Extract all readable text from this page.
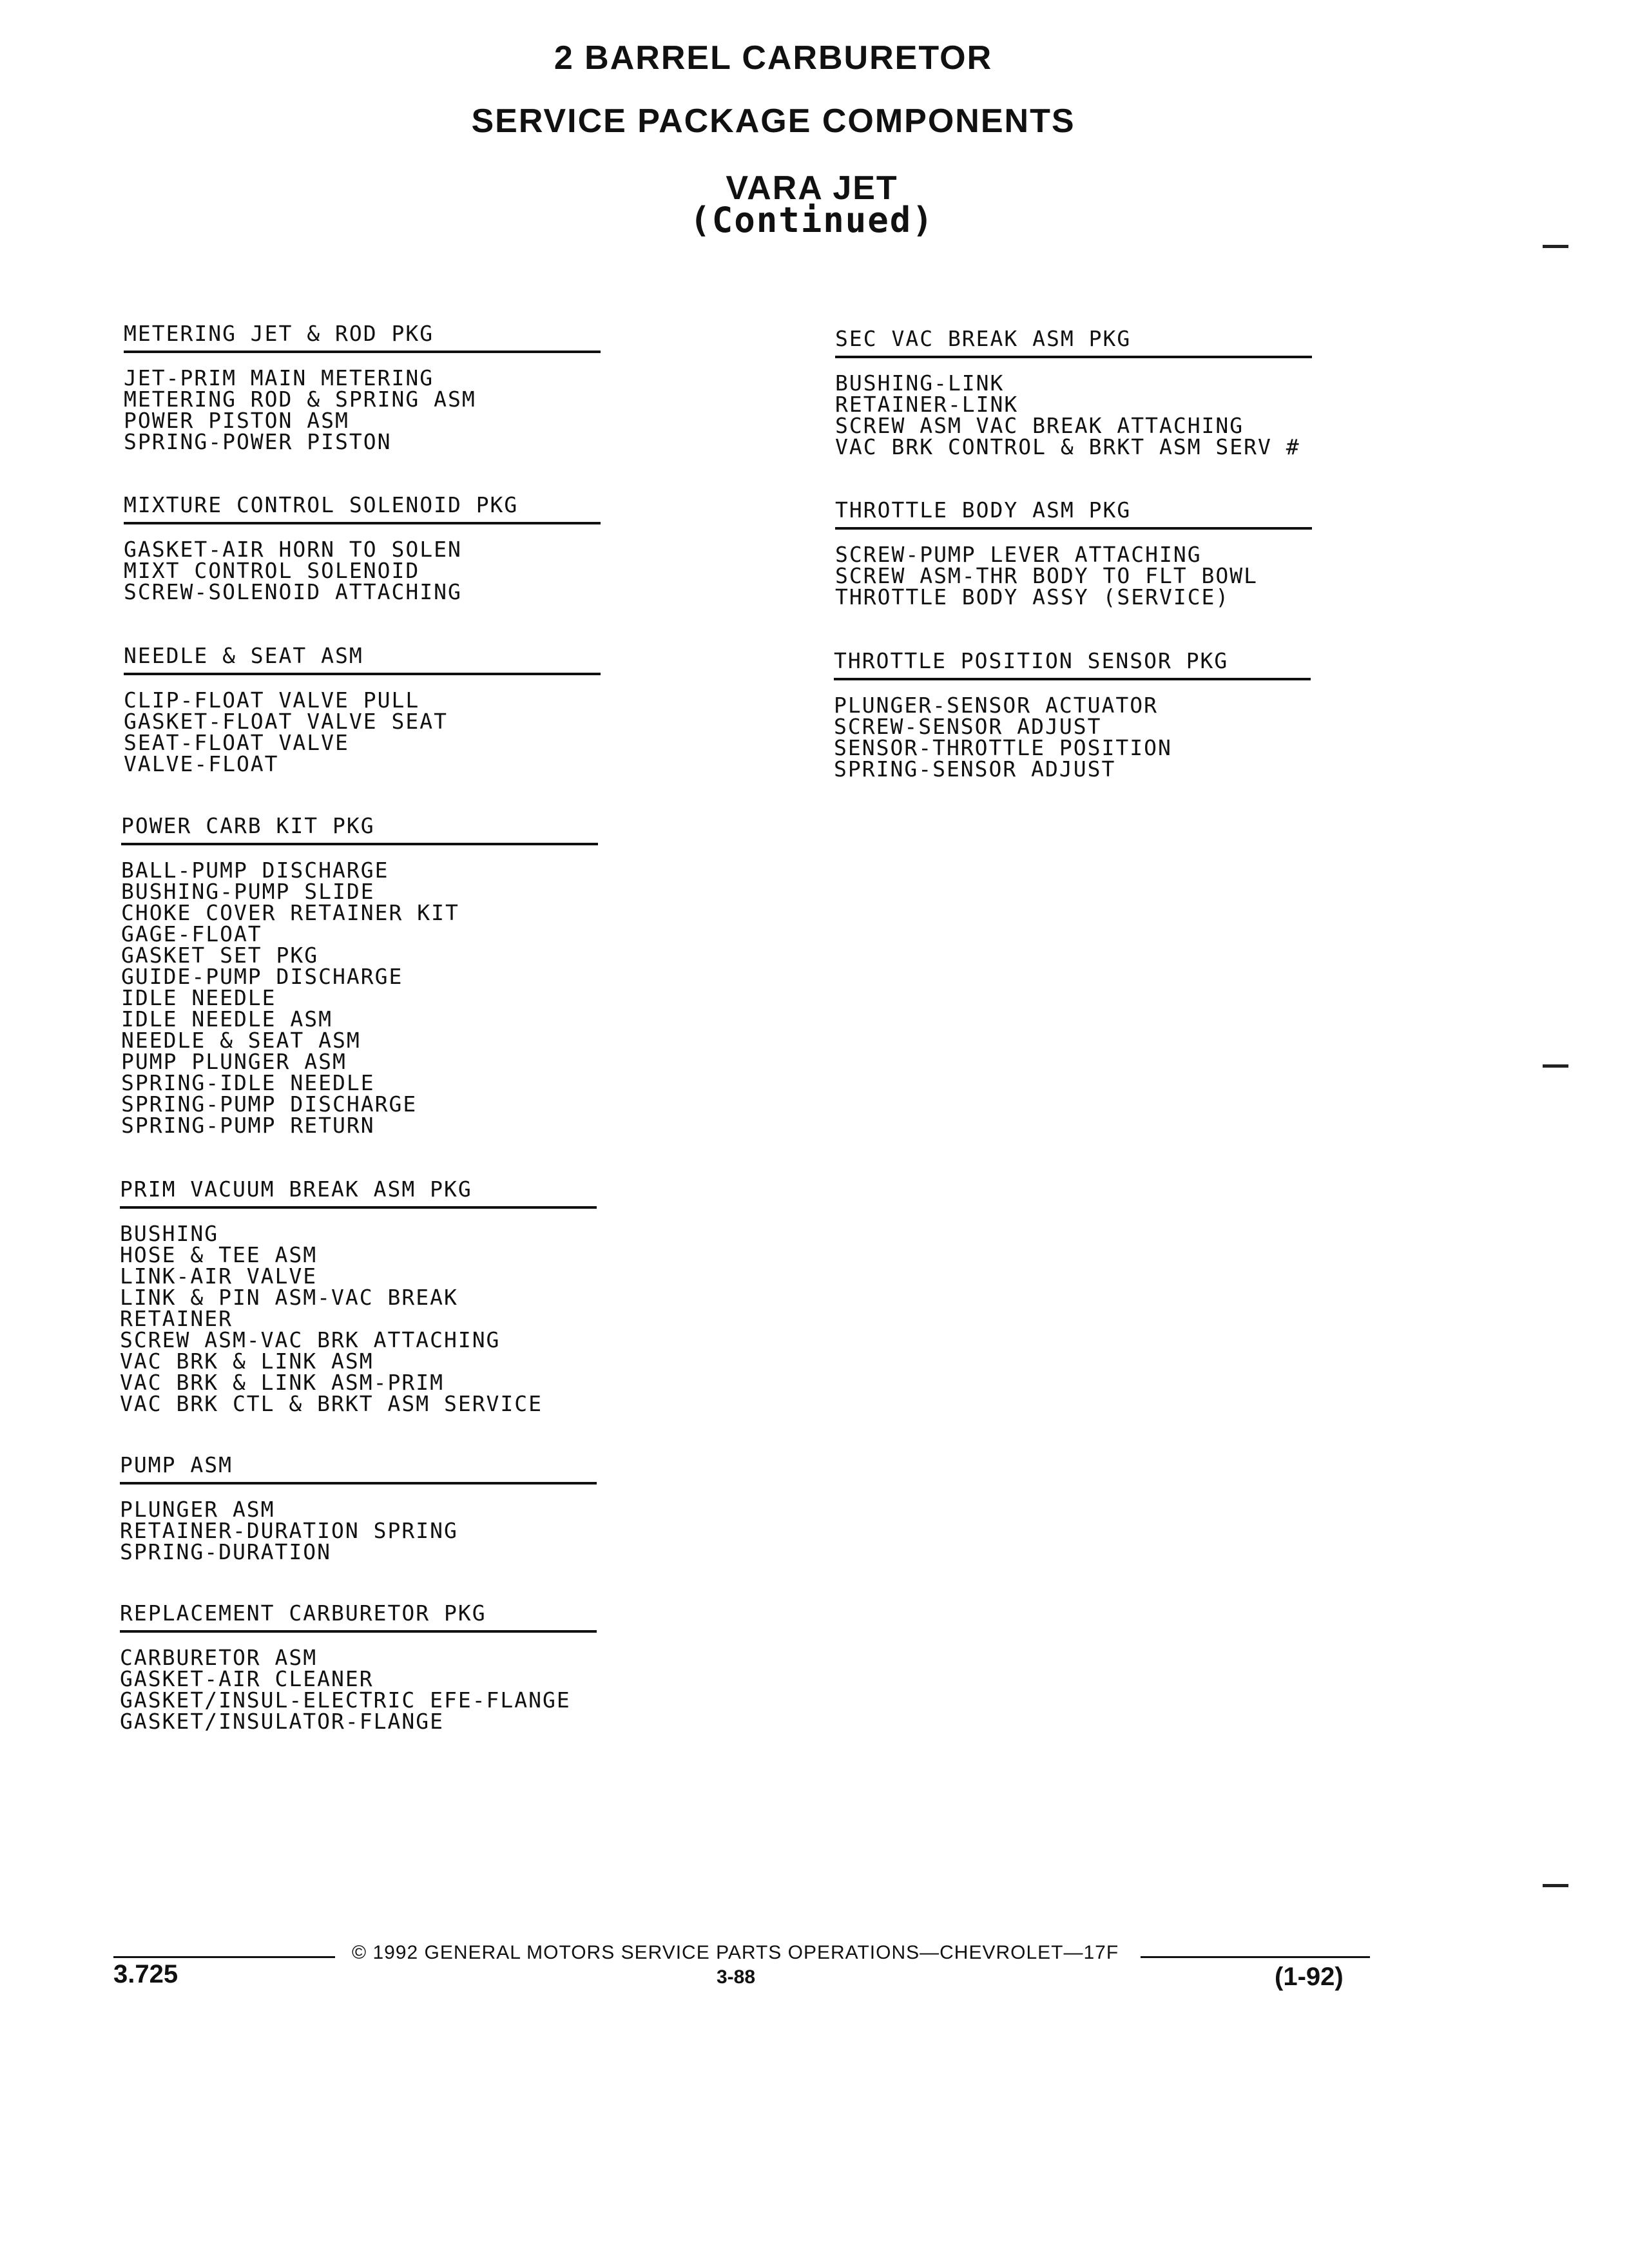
2 BARREL CARBURETOR
SERVICE PACKAGE COMPONENTS
VARA JET
(Continued)
METERING JET & ROD PKG
JET-PRIM MAIN METERING
METERING ROD & SPRING ASM
POWER PISTON ASM
SPRING-POWER PISTON
MIXTURE CONTROL SOLENOID PKG
GASKET-AIR HORN TO SOLEN
MIXT CONTROL SOLENOID
SCREW-SOLENOID ATTACHING
NEEDLE & SEAT ASM
CLIP-FLOAT VALVE PULL
GASKET-FLOAT VALVE SEAT
SEAT-FLOAT VALVE
VALVE-FLOAT
POWER CARB KIT PKG
BALL-PUMP DISCHARGE
BUSHING-PUMP SLIDE
CHOKE COVER RETAINER KIT
GAGE-FLOAT
GASKET SET PKG
GUIDE-PUMP DISCHARGE
IDLE NEEDLE
IDLE NEEDLE ASM
NEEDLE & SEAT ASM
PUMP PLUNGER ASM
SPRING-IDLE NEEDLE
SPRING-PUMP DISCHARGE
SPRING-PUMP RETURN
PRIM VACUUM BREAK ASM PKG
BUSHING
HOSE & TEE ASM
LINK-AIR VALVE
LINK & PIN ASM-VAC BREAK
RETAINER
SCREW ASM-VAC BRK ATTACHING
VAC BRK & LINK ASM
VAC BRK & LINK ASM-PRIM
VAC BRK CTL & BRKT ASM SERVICE
PUMP ASM
PLUNGER ASM
RETAINER-DURATION SPRING
SPRING-DURATION
REPLACEMENT CARBURETOR PKG
CARBURETOR ASM
GASKET-AIR CLEANER
GASKET/INSUL-ELECTRIC EFE-FLANGE
GASKET/INSULATOR-FLANGE
SEC VAC BREAK ASM PKG
BUSHING-LINK
RETAINER-LINK
SCREW ASM VAC BREAK ATTACHING
VAC BRK CONTROL & BRKT ASM SERV #
THROTTLE BODY ASM PKG
SCREW-PUMP LEVER ATTACHING
SCREW ASM-THR BODY TO FLT BOWL
THROTTLE BODY ASSY (SERVICE)
THROTTLE POSITION SENSOR PKG
PLUNGER-SENSOR ACTUATOR
SCREW-SENSOR ADJUST
SENSOR-THROTTLE POSITION
SPRING-SENSOR ADJUST
© 1992 GENERAL MOTORS SERVICE PARTS OPERATIONS—CHEVROLET—17F
3.725	3-88	(1-92)
